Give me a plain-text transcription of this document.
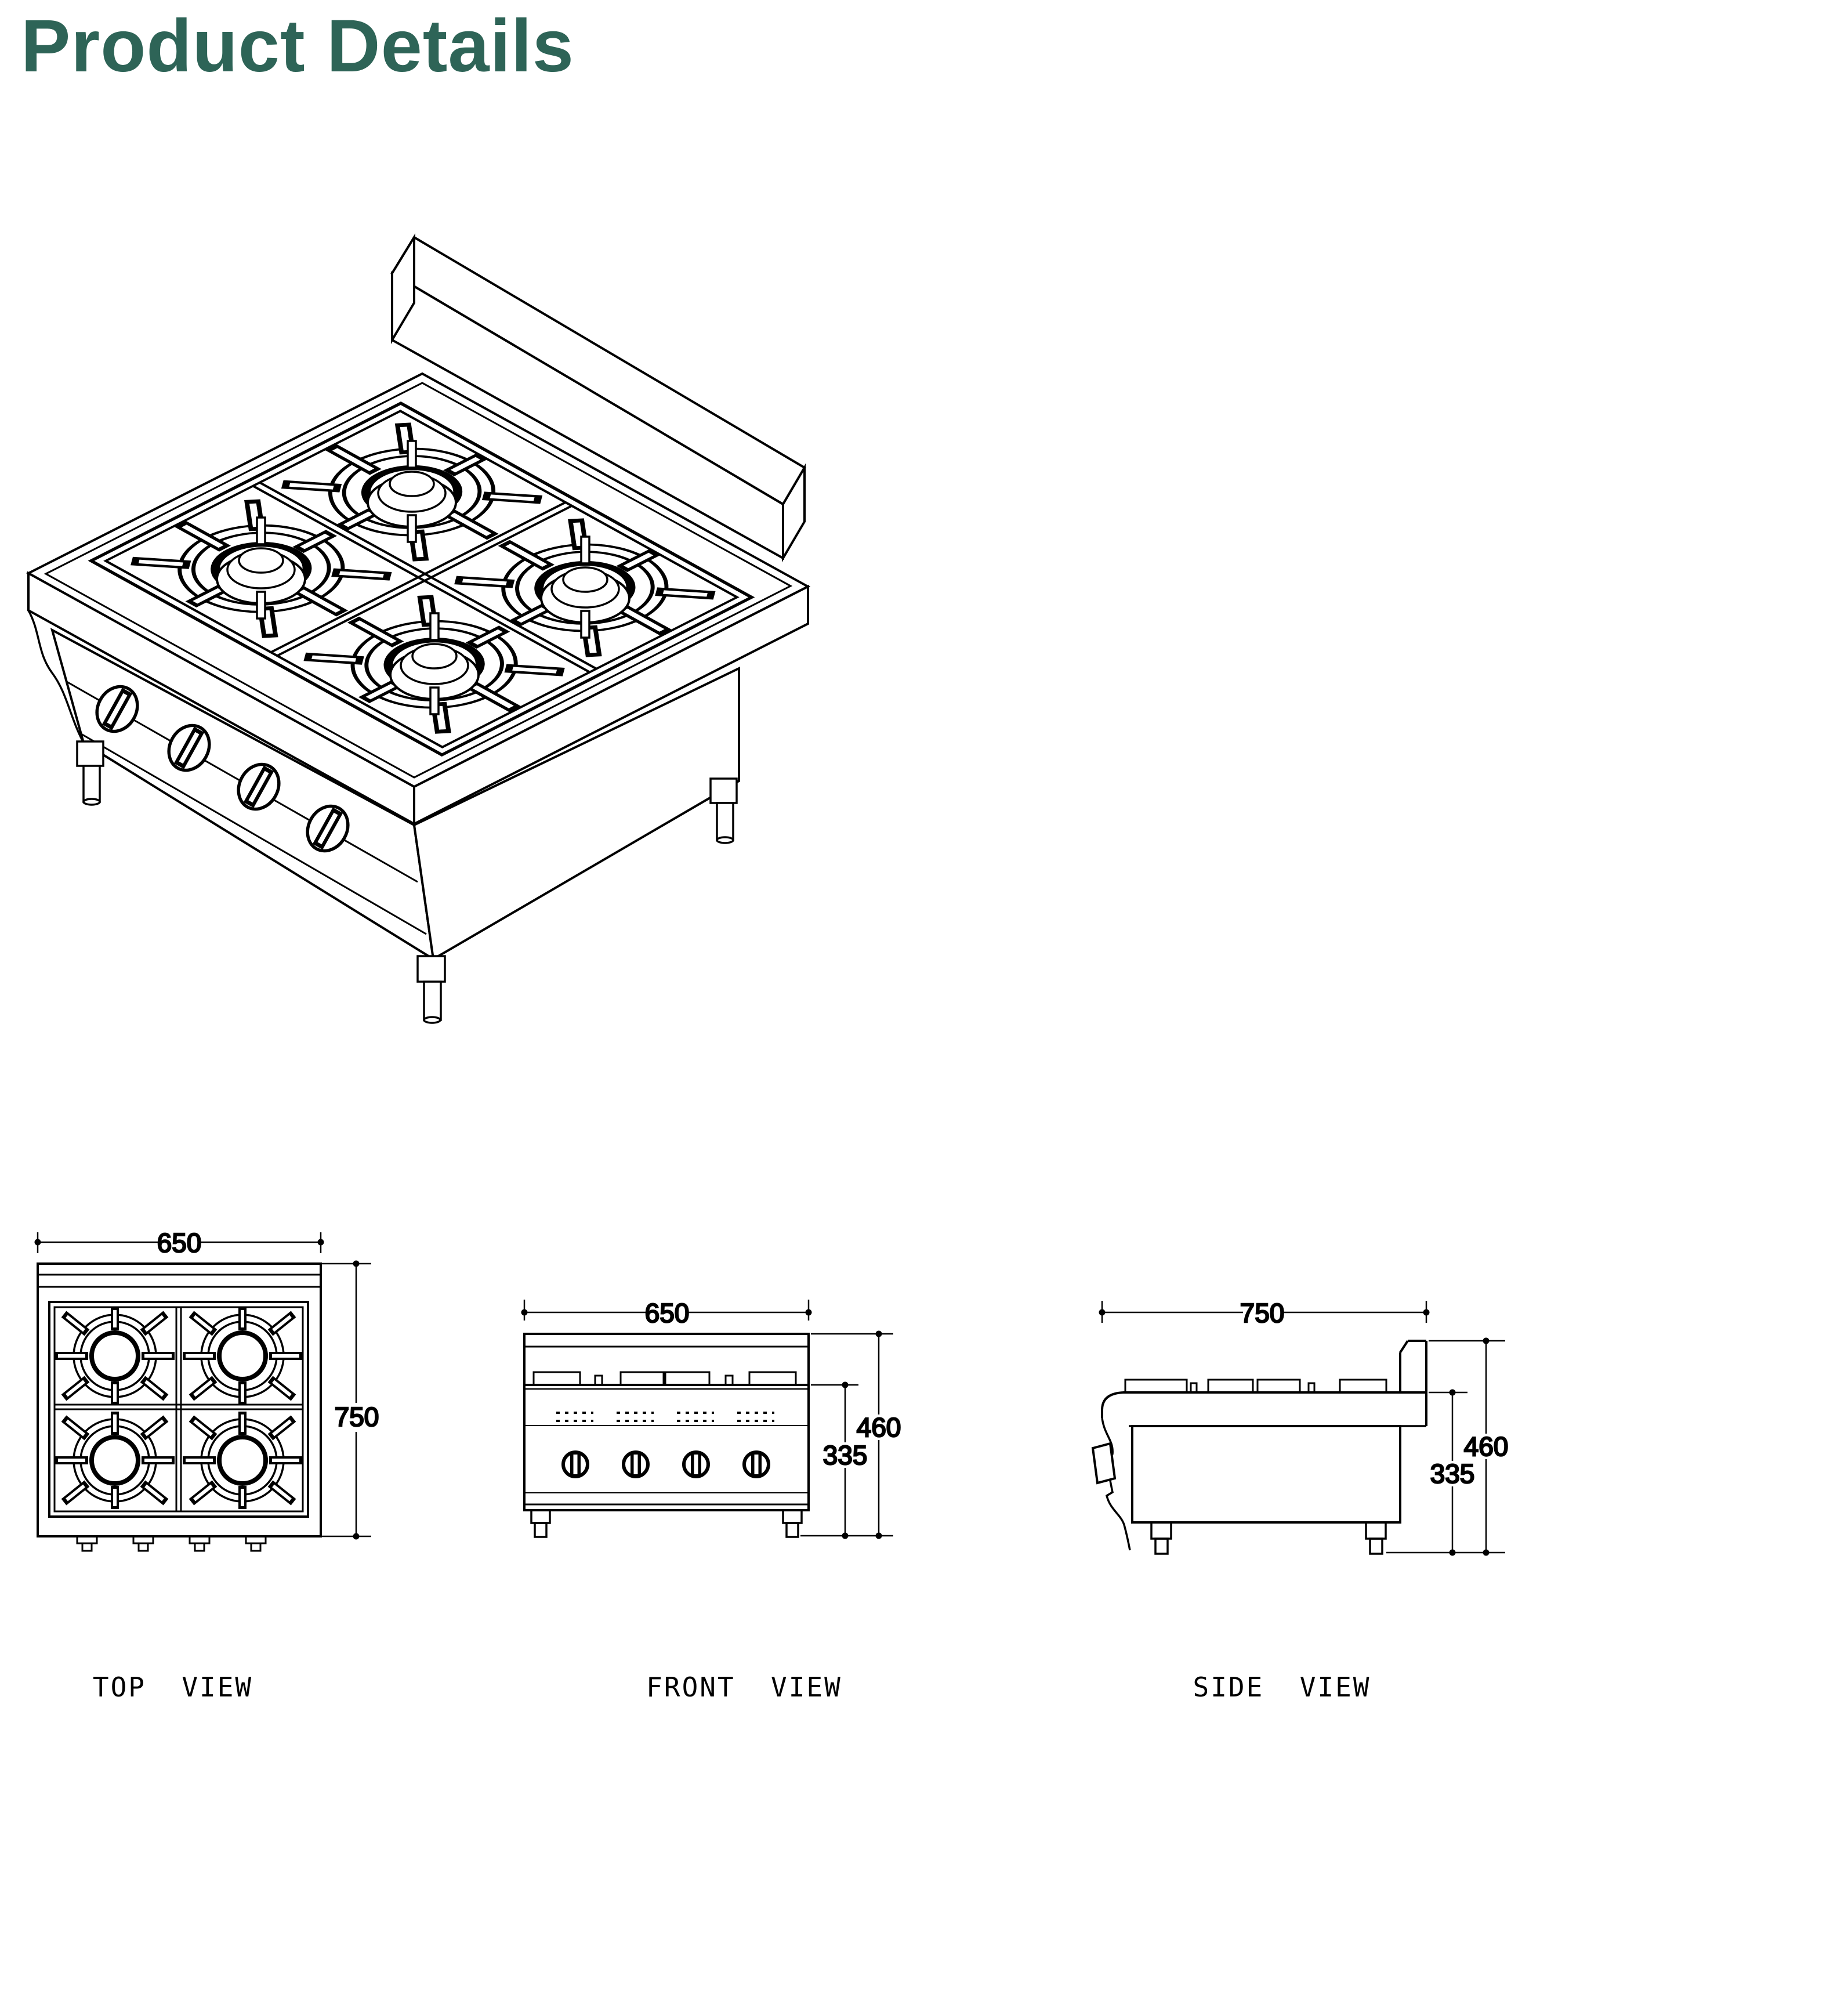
Product Details
650
750
650
335
460
750
335
460
TOP  VIEW	FRONT  VIEW	SIDE  VIEW
